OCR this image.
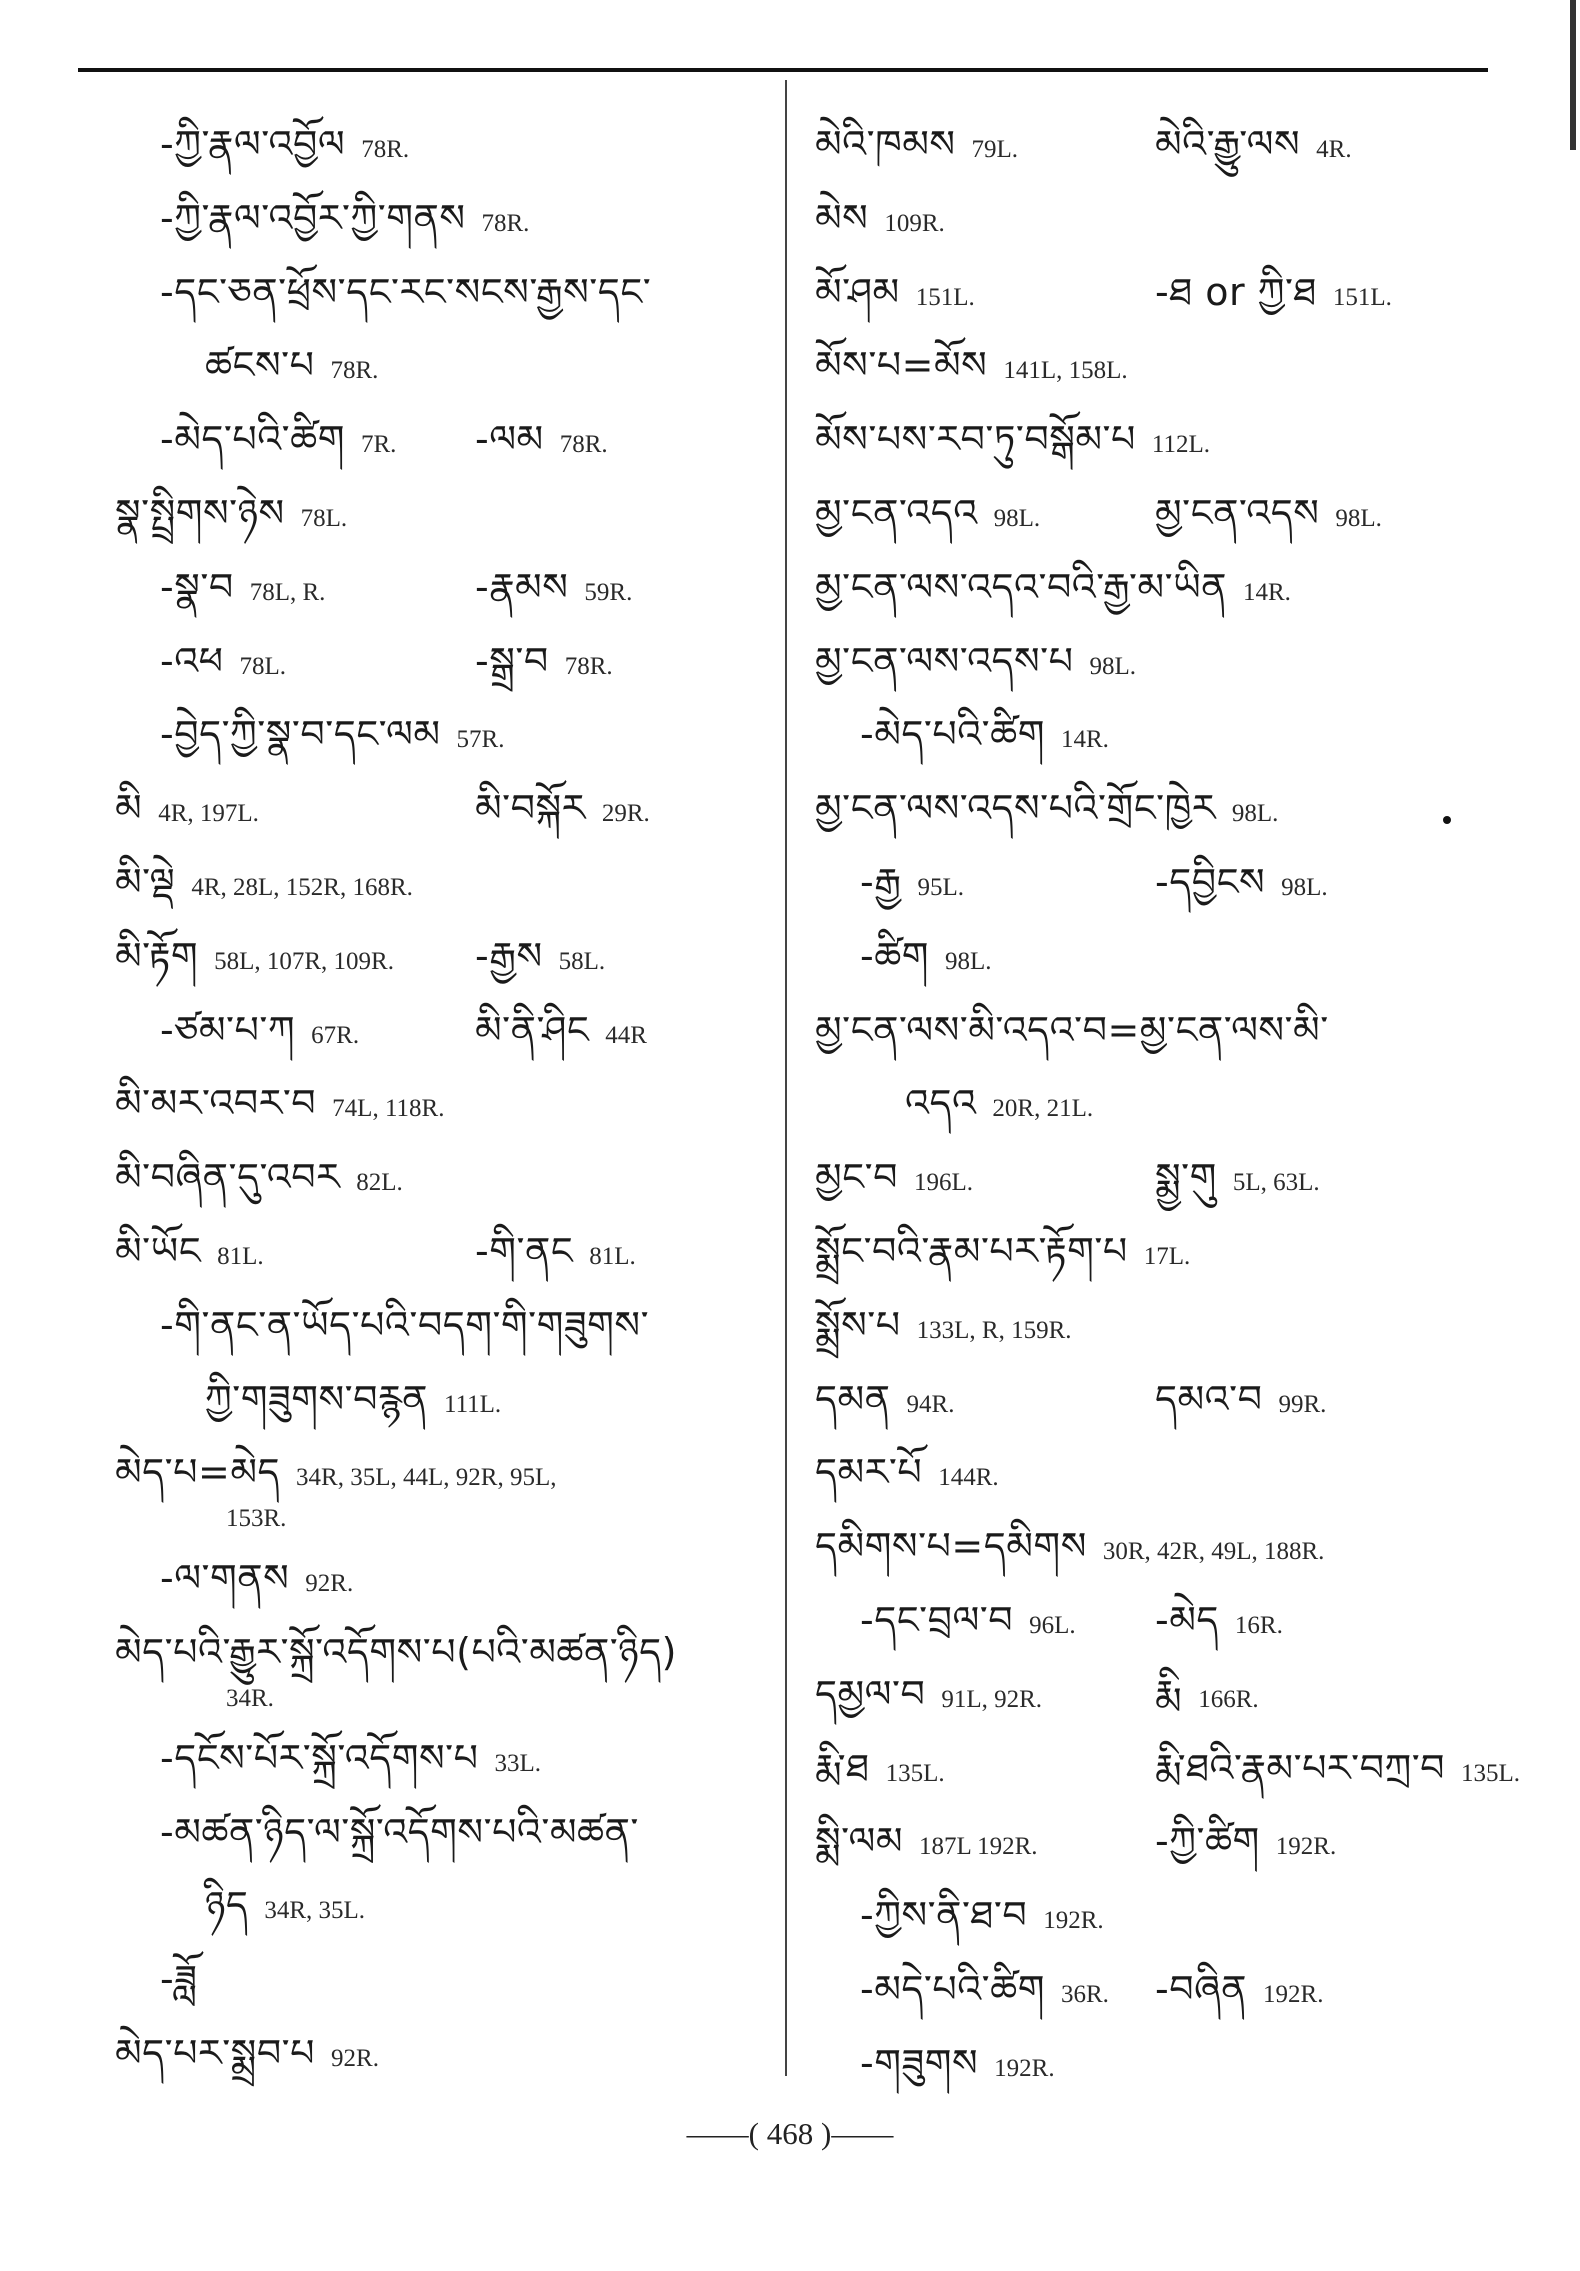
-ཀྱི་རྣལ་འབྱོལ 78R.
-ཀྱི་རྣལ་འབྱོར་ཀྱི་གནས 78R.
-དང་ཅན་ཕྲོས་དང་རང་སངས་རྒྱས་དང་
ཚངས་པ 78R.
-མེད་པའི་ཚིག 7R. -ལམ 78R.
སྣ་སྤྲིགས་ཉེས 78L.
-སྣ་བ 78L, R.	-རྣམས 59R.
-འཕ 78L.	-སྒྲ་བ 78R.
-བྱེད་ཀྱི་སྣ་བ་དང་ལམ 57R.
མི 4R, 197L.	མི་བསྐོར 29R.
མི་ལྡེ 4R, 28L, 152R, 168R.
མི་རྟོག 58L, 107R, 109R. -རྒྱས 58L.
-ཙམ་པ་ཀ 67R.	མི་ནི་ཤིང 44R
མི་མར་འབར་བ 74L, 118R.
མི་བཞིན་དུ་འབར 82L.
མི་ཡོང 81L.	-གི་ནང 81L.
-གི་ནང་ན་ཡོད་པའི་བདག་གི་གཟུགས་
ཀྱི་གཟུགས་བརྙན 111L.
མེད་པ=མེད 34R, 35L, 44L, 92R, 95L,
153R.
-ལ་གནས 92R.
མེད་པའི་རྒྱུར་སྐྲོ་འདོགས་པ(པའི་མཚན་ཉིད)
34R.
-དངོས་པོར་སྐྲོ་འདོགས་པ 33L.
-མཚན་ཉིད་ལ་སྐྲོ་འདོགས་པའི་མཚན་
ཉིད 34R, 35L.
-ཟློ
མེད་པར་སྨྲབ་པ 92R.
མེའི་ཁམས 79L.	མེའི་རྒྱུ་ལས 4R.
མེས 109R.
མོ་ཤམ 151L.	-ཐ or ཀྱི་ཐ 151L.
མོས་པ=མོས 141L, 158L.
མོས་པས་རབ་ཏུ་བསྒོམ་པ 112L.
མྱ་ངན་འདའ 98L.	མྱ་ངན་འདས 98L.
མྱ་ངན་ལས་འདའ་བའི་རྒྱ་མ་ཡིན 14R.
མྱ་ངན་ལས་འདས་པ 98L.
-མེད་པའི་ཚིག 14R.
མྱ་ངན་ལས་འདས་པའི་གྲོང་ཁྱེར 98L.
-རྒྱ 95L.	-དབྱིངས 98L.
-ཚིག 98L.
མྱ་ངན་ལས་མི་འདའ་བ=མྱ་ངན་ལས་མི་
འདའ 20R, 21L.
མྱང་བ 196L.	སྨྱ་གུ 5L, 63L.
སྨྲོང་བའི་རྣམ་པར་རྟོག་པ 17L.
སྨྲོས་པ 133L, R, 159R.
དམན 94R.	དམའ་བ 99R.
དམར་པོ 144R.
དམིགས་པ=དམིགས 30R, 42R, 49L, 188R.
-དང་བྲལ་བ 96L. -མེད 16R.
དམྱལ་བ 91L, 92R.	རྨི 166R.
རྨི་ཐ 135L.	རྨི་ཐའི་རྣམ་པར་བཀྲ་བ 135L.
སྨི་ལམ 187L 192R.	-ཀྱི་ཚིག 192R.
-ཀྱིས་ནི་ཐ་བ 192R.
-མདེ་པའི་ཚིག 36R. -བཞིན 192R.
-གཟུགས 192R.
——( 468 )——
